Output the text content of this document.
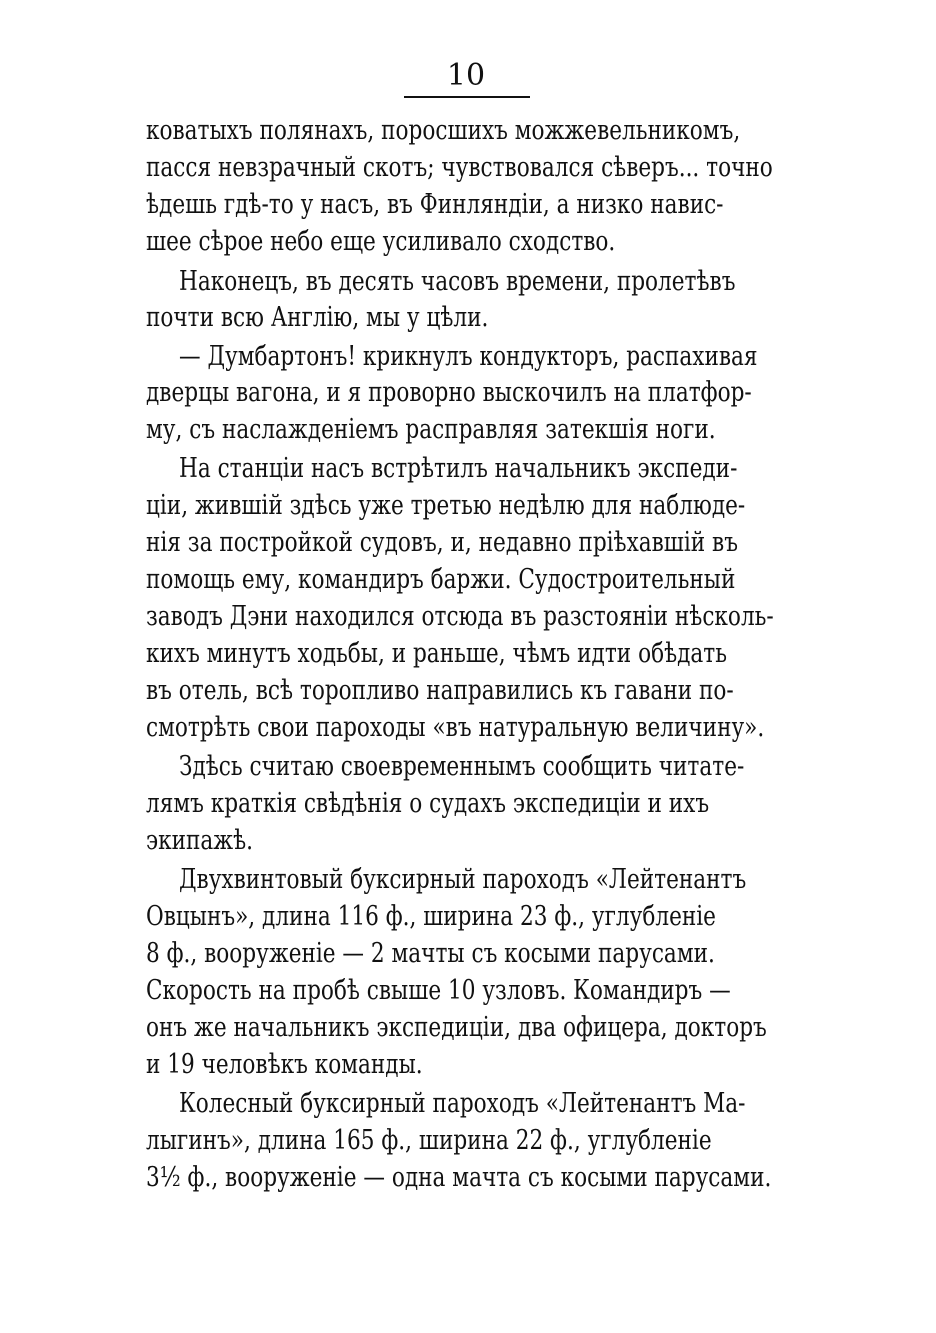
10
коватыхъ полянахъ, поросшихъ можжевельникомъ,
пасся невзрачный скотъ; чувствовался сѣверъ... точно
ѣдешь гдѣ-то у насъ, въ Финляндіи, а низко навис-
шее сѣрое небо еще усиливало сходство.
Наконецъ, въ десять часовъ времени, пролетѣвъ
почти всю Англію, мы у цѣли.
— Думбартонъ! крикнулъ кондукторъ, распахивая
дверцы вагона, и я проворно выскочилъ на платфор-
му, съ наслажденіемъ расправляя затекшія ноги.
На станціи насъ встрѣтилъ начальникъ экспеди-
ціи, жившій здѣсь уже третью недѣлю для наблюде-
нія за постройкой судовъ, и, недавно пріѣхавшій въ
помощь ему, командиръ баржи. Судостроительный
заводъ Дэни находился отсюда въ разстояніи нѣсколь-
кихъ минутъ ходьбы, и раньше, чѣмъ идти обѣдать
въ отель, всѣ торопливо направились къ гавани по-
смотрѣть свои пароходы «въ натуральную величину».
Здѣсь считаю своевременнымъ сообщить читате-
лямъ краткія свѣдѣнія о судахъ экспедиціи и ихъ
экипажѣ.
Двухвинтовый буксирный пароходъ «Лейтенантъ
Овцынъ», длина 116 ф., ширина 23 ф., углубленіе
8 ф., вооруженіе — 2 мачты съ косыми парусами.
Скорость на пробѣ свыше 10 узловъ. Командиръ —
онъ же начальникъ экспедиціи, два офицера, докторъ
и 19 человѣкъ команды.
Колесный буксирный пароходъ «Лейтенантъ Ма-
лыгинъ», длина 165 ф., ширина 22 ф., углубленіе
3½ ф., вооруженіе — одна мачта съ косыми парусами.
